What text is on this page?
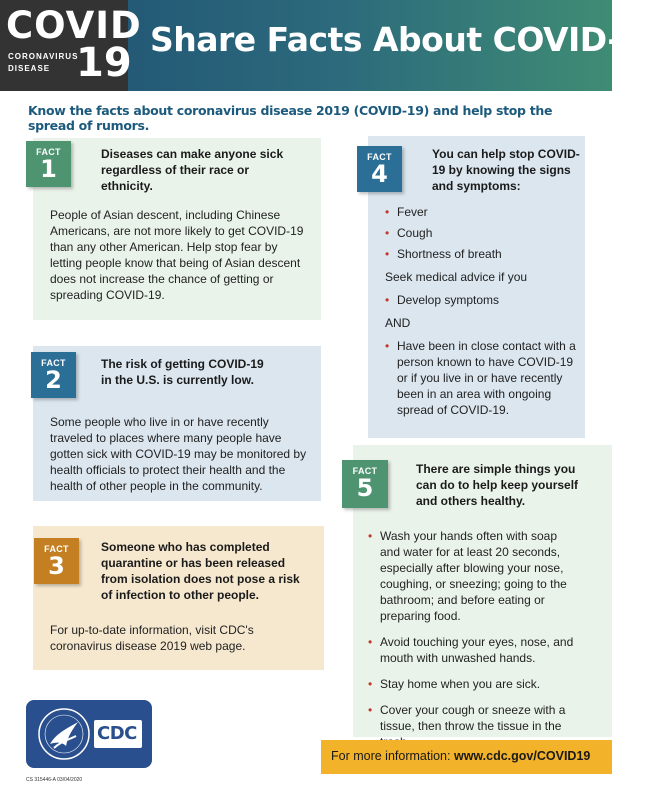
COVID
CORONAVIRUS
DISEASE 19
Share Facts About COVID-19
Know the facts about coronavirus disease 2019 (COVID-19) and help stop the spread of rumors.
FACT
1
Diseases can make anyone sick regardless of their race or ethnicity.
People of Asian descent, including Chinese Americans, are not more likely to get COVID-19 than any other American. Help stop fear by letting people know that being of Asian descent does not increase the chance of getting or spreading COVID-19.
FACT
2
The risk of getting COVID-19 in the U.S. is currently low.
Some people who live in or have recently traveled to places where many people have gotten sick with COVID-19 may be monitored by health officials to protect their health and the health of other people in the community.
FACT
3
Someone who has completed quarantine or has been released from isolation does not pose a risk of infection to other people.
For up-to-date information, visit CDC's coronavirus disease 2019 web page.
FACT
4
You can help stop COVID-19 by knowing the signs and symptoms:
• Fever
• Cough
• Shortness of breath
Seek medical advice if you
• Develop symptoms
AND
• Have been in close contact with a person known to have COVID-19 or if you live in or have recently been in an area with ongoing spread of COVID-19.
FACT
5
There are simple things you can do to help keep yourself and others healthy.
• Wash your hands often with soap and water for at least 20 seconds, especially after blowing your nose, coughing, or sneezing; going to the bathroom; and before eating or preparing food.
• Avoid touching your eyes, nose, and mouth with unwashed hands.
• Stay home when you are sick.
• Cover your cough or sneeze with a tissue, then throw the tissue in the
CDC
For more information: www.cdc.gov/COVID19
CS 315446-A 03/04/2020
